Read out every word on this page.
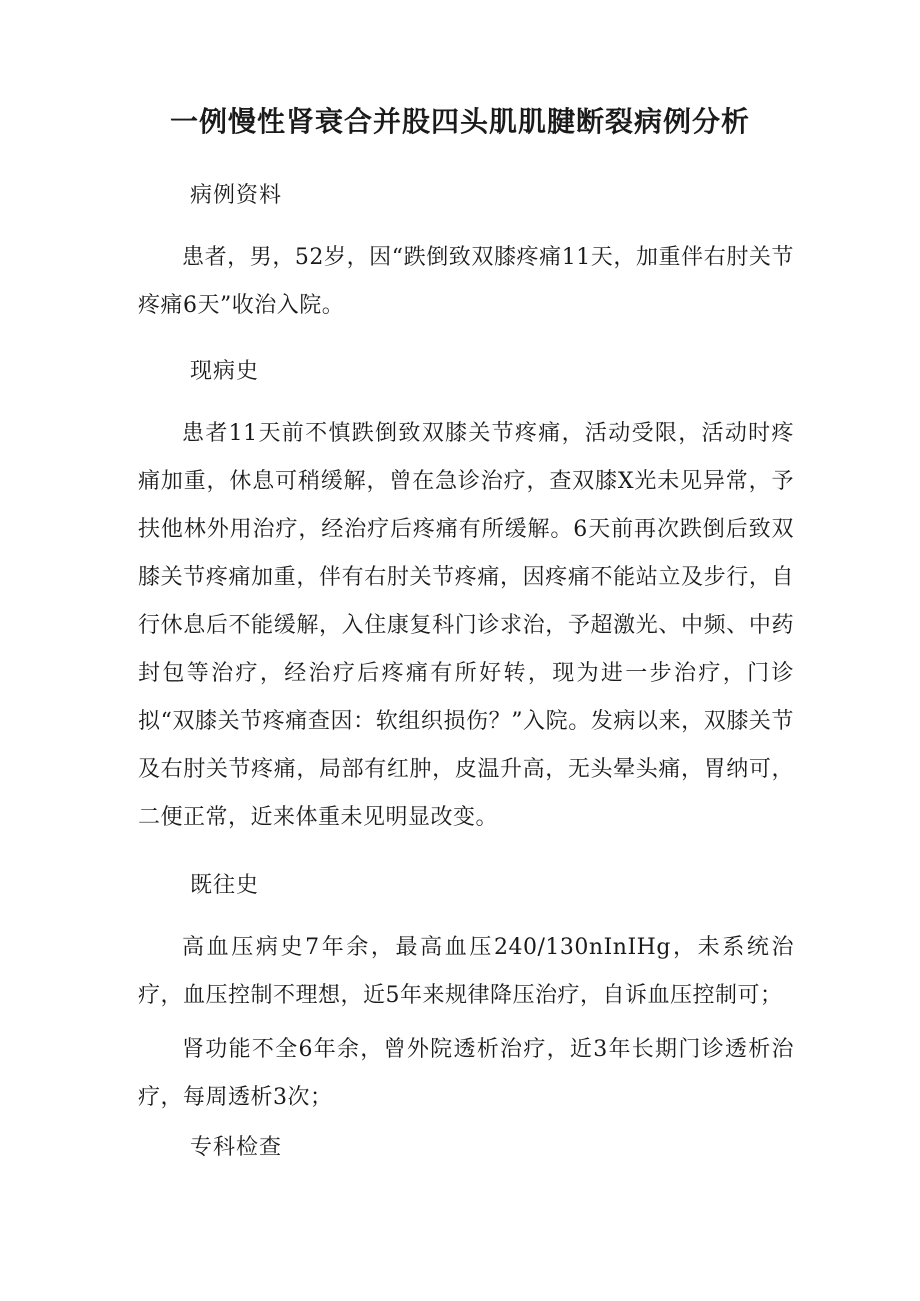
一例慢性肾衰合并股四头肌肌腱断裂病例分析
病例资料

患者，男，52岁，因“跌倒致双膝疼痛11天，加重伴右肘关节疼痛6天”收治入院。

现病史

患者11天前不慎跌倒致双膝关节疼痛，活动受限，活动时疼痛加重，休息可稍缓解，曾在急诊治疗，查双膝X光未见异常，予扶他林外用治疗，经治疗后疼痛有所缓解。6天前再次跌倒后致双膝关节疼痛加重，伴有右肘关节疼痛，因疼痛不能站立及步行，自行休息后不能缓解，入住康复科门诊求治，予超激光、中频、中药封包等治疗，经治疗后疼痛有所好转，现为进一步治疗，门诊拟“双膝关节疼痛查因：软组织损伤？”入院。发病以来，双膝关节及右肘关节疼痛，局部有红肿，皮温升高，无头晕头痛，胃纳可，二便正常，近来体重未见明显改变。

既往史

高血压病史7年余，最高血压240/130nInIHg，未系统治疗，血压控制不理想，近5年来规律降压治疗，自诉血压控制可；

肾功能不全6年余，曾外院透析治疗，近3年长期门诊透析治疗，每周透析3次；

专科检查
